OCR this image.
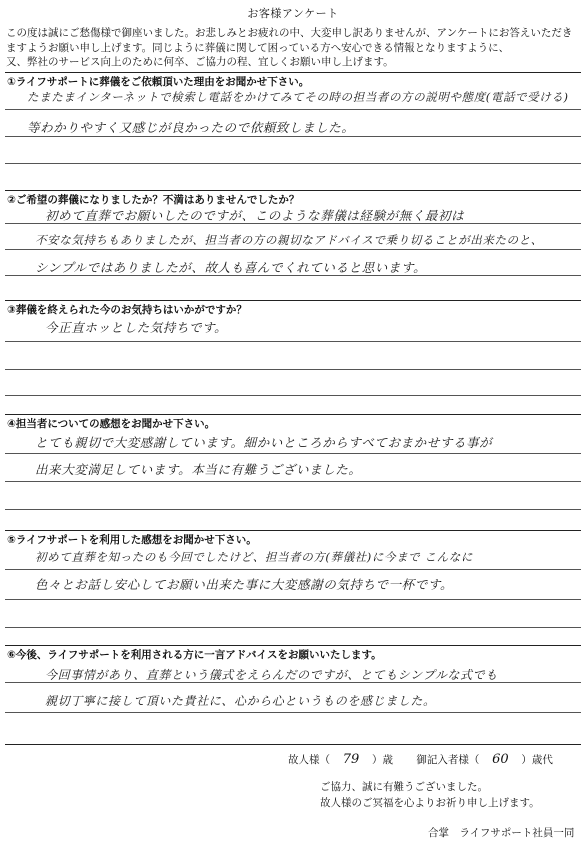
お客様アンケート
この度は誠にご愁傷様で御座いました。お悲しみとお疲れの中、大変申し訳ありませんが、アンケートにお答えいただき
ますようお願い申し上げます。同じように葬儀に関して困っている方へ安心できる情報となりますように、
又、弊社のサービス向上のために何卒、ご協力の程、宜しくお願い申し上げます。
①ライフサポートに葬儀をご依頼頂いた理由をお聞かせ下さい。
たまたまインターネットで検索し電話をかけてみてその時の担当者の方の説明や態度(電話で受ける)
等わかりやすく又感じが良かったので依頼致しました。
②ご希望の葬儀になりましたか？不満はありませんでしたか？
初めて直葬でお願いしたのですが、このような葬儀は経験が無く最初は
不安な気持ちもありましたが、担当者の方の親切なアドバイスで乗り切ることが出来たのと、
シンプルではありましたが、故人も喜んでくれていると思います。
③葬儀を終えられた今のお気持ちはいかがですか？
今正直ホッとした気持ちです。
④担当者についての感想をお聞かせ下さい。
とても親切で大変感謝しています。細かいところからすべておまかせする事が
出来大変満足しています。本当に有難うございました。
⑤ライフサポートを利用した感想をお聞かせ下さい。
初めて直葬を知ったのも今回でしたけど、担当者の方(葬儀社)に今まで こんなに
色々とお話し安心してお願い出来た事に大変感謝の気持ちで一杯です。
⑥今後、ライフサポートを利用される方に一言アドバイスをお願いいたします。
今回事情があり、直葬という儀式をえらんだのですが、とてもシンプルな式でも
親切丁寧に接して頂いた貴社に、心から心というものを感じました。
故人様（ 79 ）歳 御記入者様（ 60 ）歳代
ご協力、誠に有難うございました。
故人様のご冥福を心よりお祈り申し上げます。
合掌　ライフサポート社員一同
